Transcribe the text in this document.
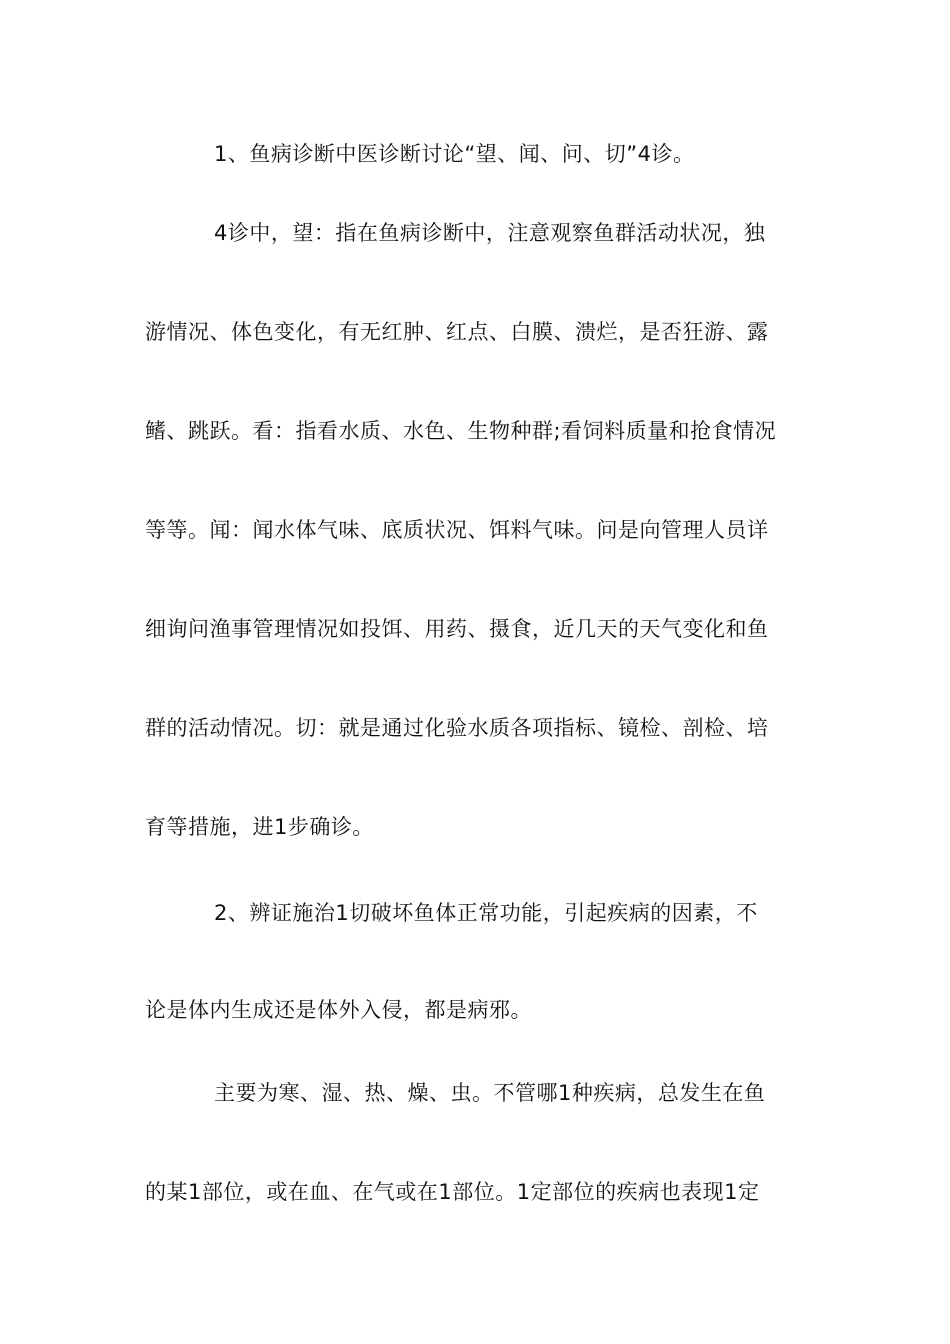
1、鱼病诊断中医诊断讨论“望、闻、问、切”4诊。
4诊中，望：指在鱼病诊断中，注意观察鱼群活动状况，独
游情况、体色变化，有无红肿、红点、白膜、溃烂，是否狂游、露
鳍、跳跃。看：指看水质、水色、生物种群;看饲料质量和抢食情况
等等。闻：闻水体气味、底质状况、饵料气味。问是向管理人员详
细询问渔事管理情况如投饵、用药、摄食，近几天的天气变化和鱼
群的活动情况。切：就是通过化验水质各项指标、镜检、剖检、培
育等措施，进1步确诊。
2、辨证施治1切破坏鱼体正常功能，引起疾病的因素，不
论是体内生成还是体外入侵，都是病邪。
主要为寒、湿、热、燥、虫。不管哪1种疾病，总发生在鱼
的某1部位，或在血、在气或在1部位。1定部位的疾病也表现1定
